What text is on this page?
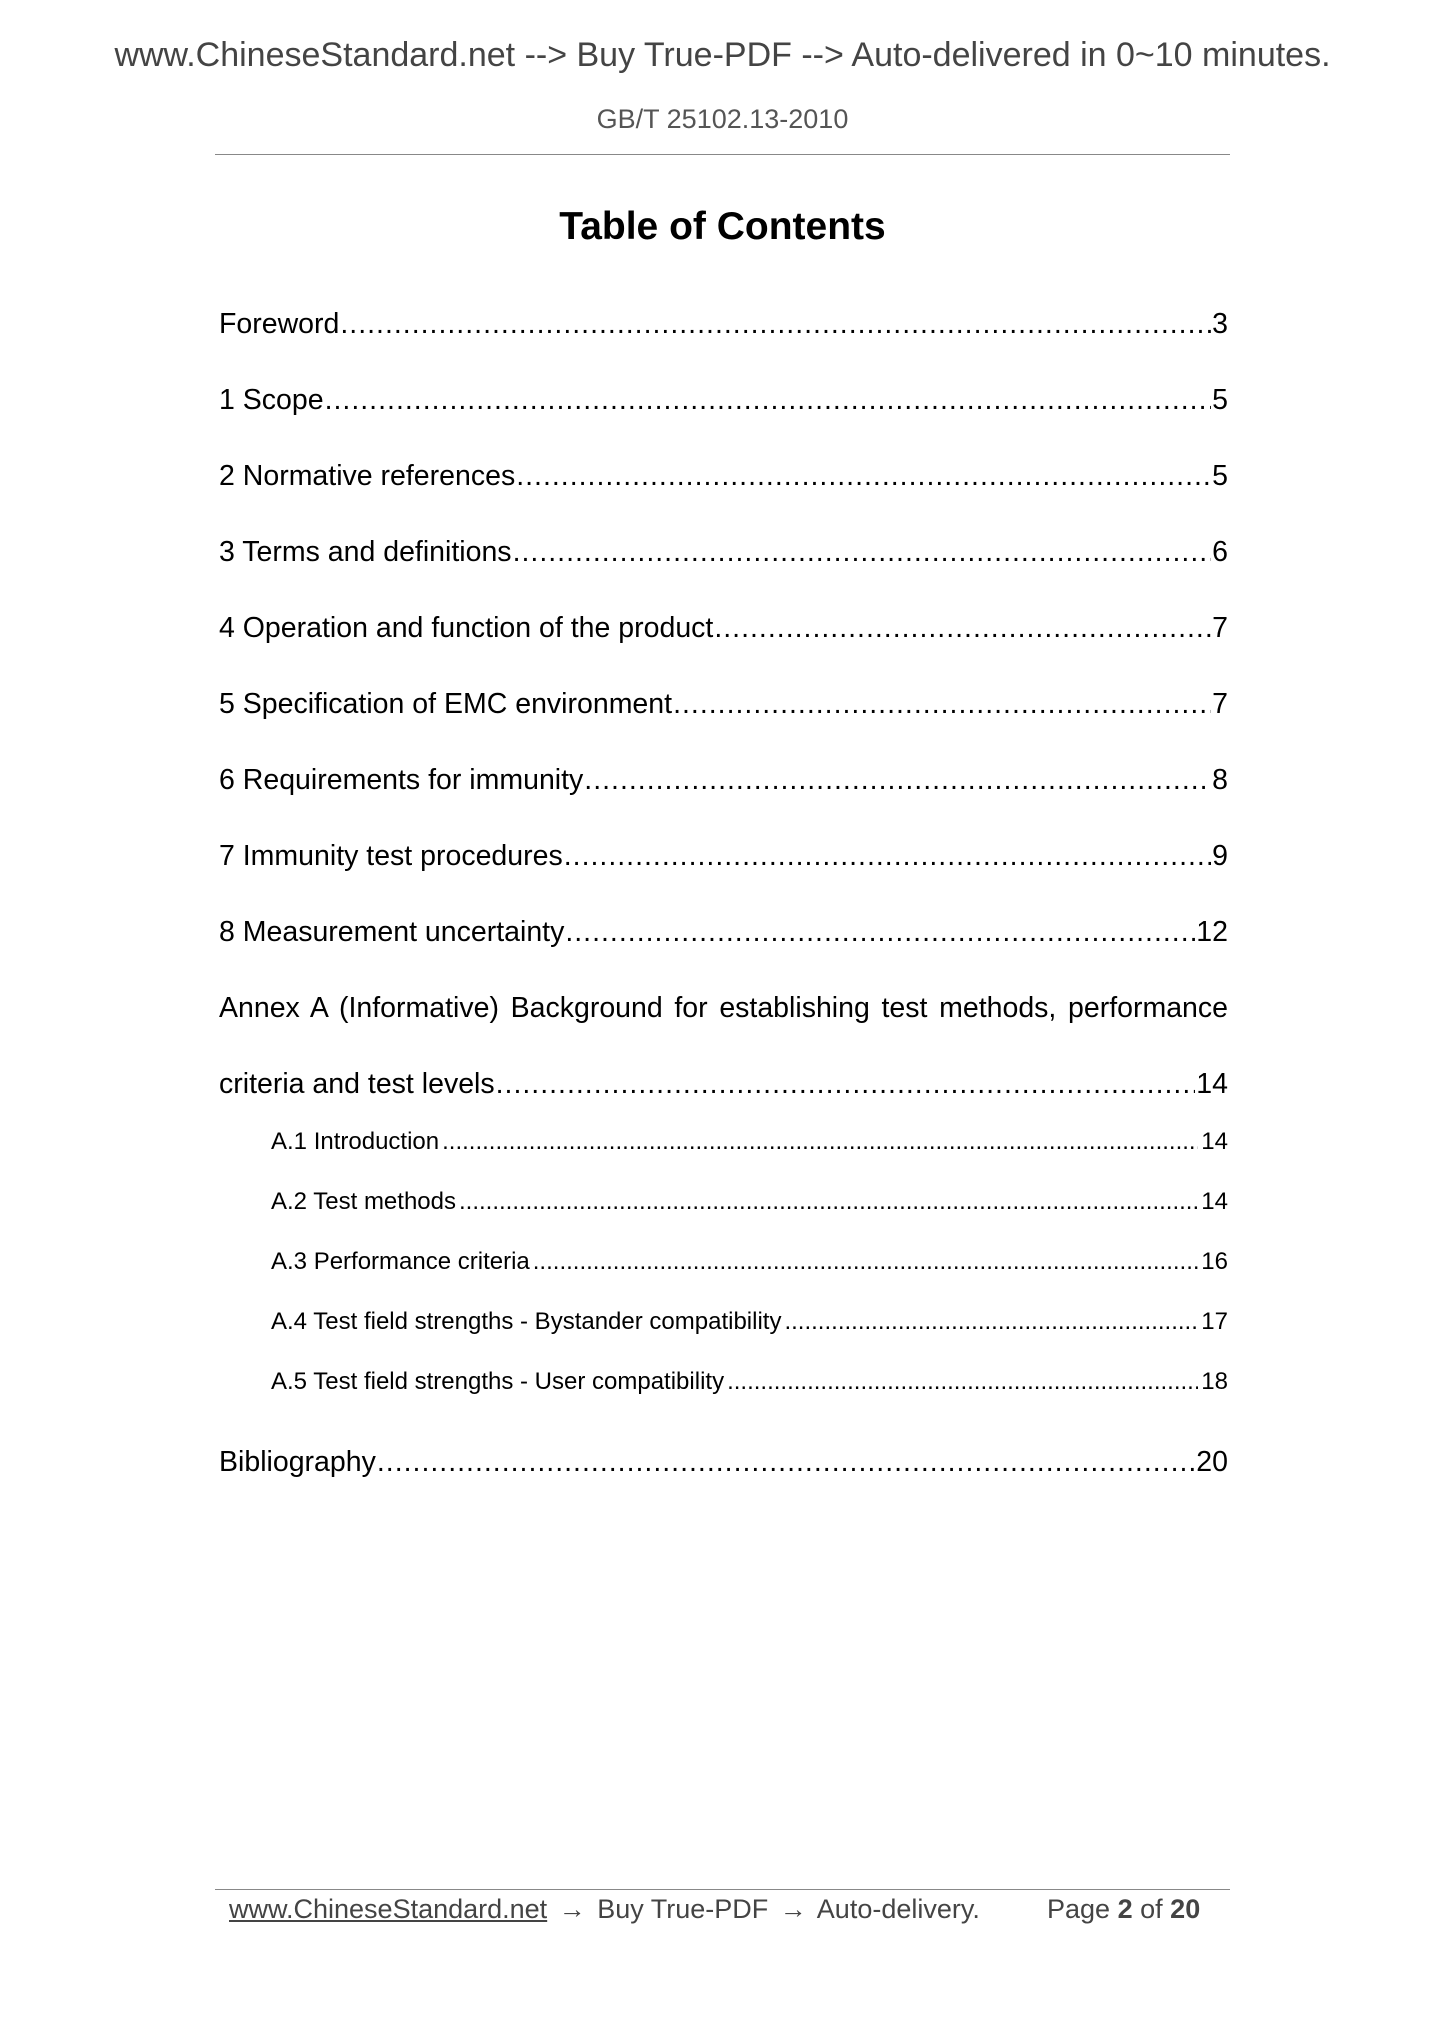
www.ChineseStandard.net --> Buy True-PDF --> Auto-delivered in 0~10 minutes.
GB/T 25102.13-2010
Table of Contents
Foreword .....	3
1 Scope .....	5
2 Normative references .....	5
3 Terms and definitions .....	6
4 Operation and function of the product .....	7
5 Specification of EMC environment .....	7
6 Requirements for immunity .....	8
7 Immunity test procedures .....	9
8 Measurement uncertainty .....	12
Annex A (Informative) Background for establishing test methods, performance
criteria and test levels .....	14
A.1 Introduction .....	14
A.2 Test methods .....	14
A.3 Performance criteria .....	16
A.4 Test field strengths - Bystander compatibility .....	17
A.5 Test field strengths - User compatibility .....	18
Bibliography .....	20
www.ChineseStandard.net → Buy True-PDF → Auto-delivery. Page 2 of 20
